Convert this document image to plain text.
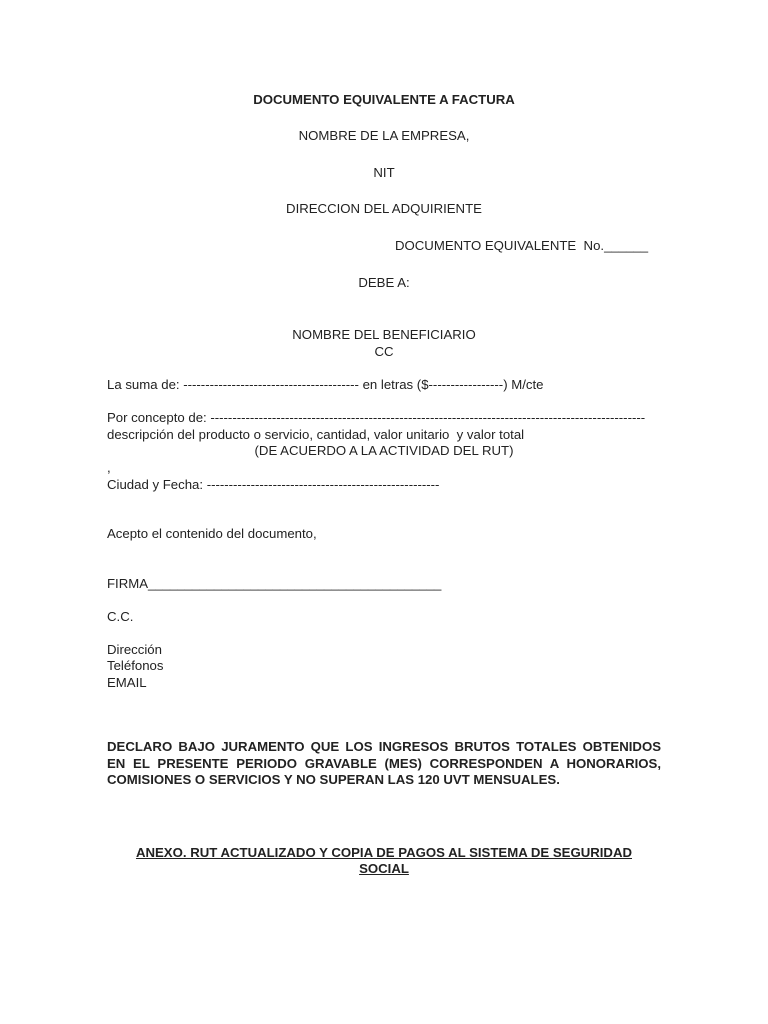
DOCUMENTO EQUIVALENTE A FACTURA
NOMBRE DE LA EMPRESA,
NIT
DIRECCION DEL ADQUIRIENTE
DOCUMENTO EQUIVALENTE  No.______
DEBE A:
NOMBRE DEL BENEFICIARIO
CC
La suma de: ---------------------------------------- en letras ($-----------------) M/cte
Por concepto de: ---------------------------------------------------------------------------------------------------
descripción del producto o servicio, cantidad, valor unitario  y valor total
(DE ACUERDO A LA ACTIVIDAD DEL RUT)
,
Ciudad y Fecha: -----------------------------------------------------
Acepto el contenido del documento,
FIRMA________________________________________
C.C.
Dirección
Teléfonos
EMAIL
DECLARO BAJO JURAMENTO QUE LOS INGRESOS BRUTOS TOTALES OBTENIDOS EN EL PRESENTE PERIODO GRAVABLE (MES) CORRESPONDEN A HONORARIOS, COMISIONES O SERVICIOS Y NO SUPERAN LAS 120 UVT MENSUALES.
ANEXO. RUT ACTUALIZADO Y COPIA DE PAGOS AL SISTEMA DE SEGURIDAD
SOCIAL
